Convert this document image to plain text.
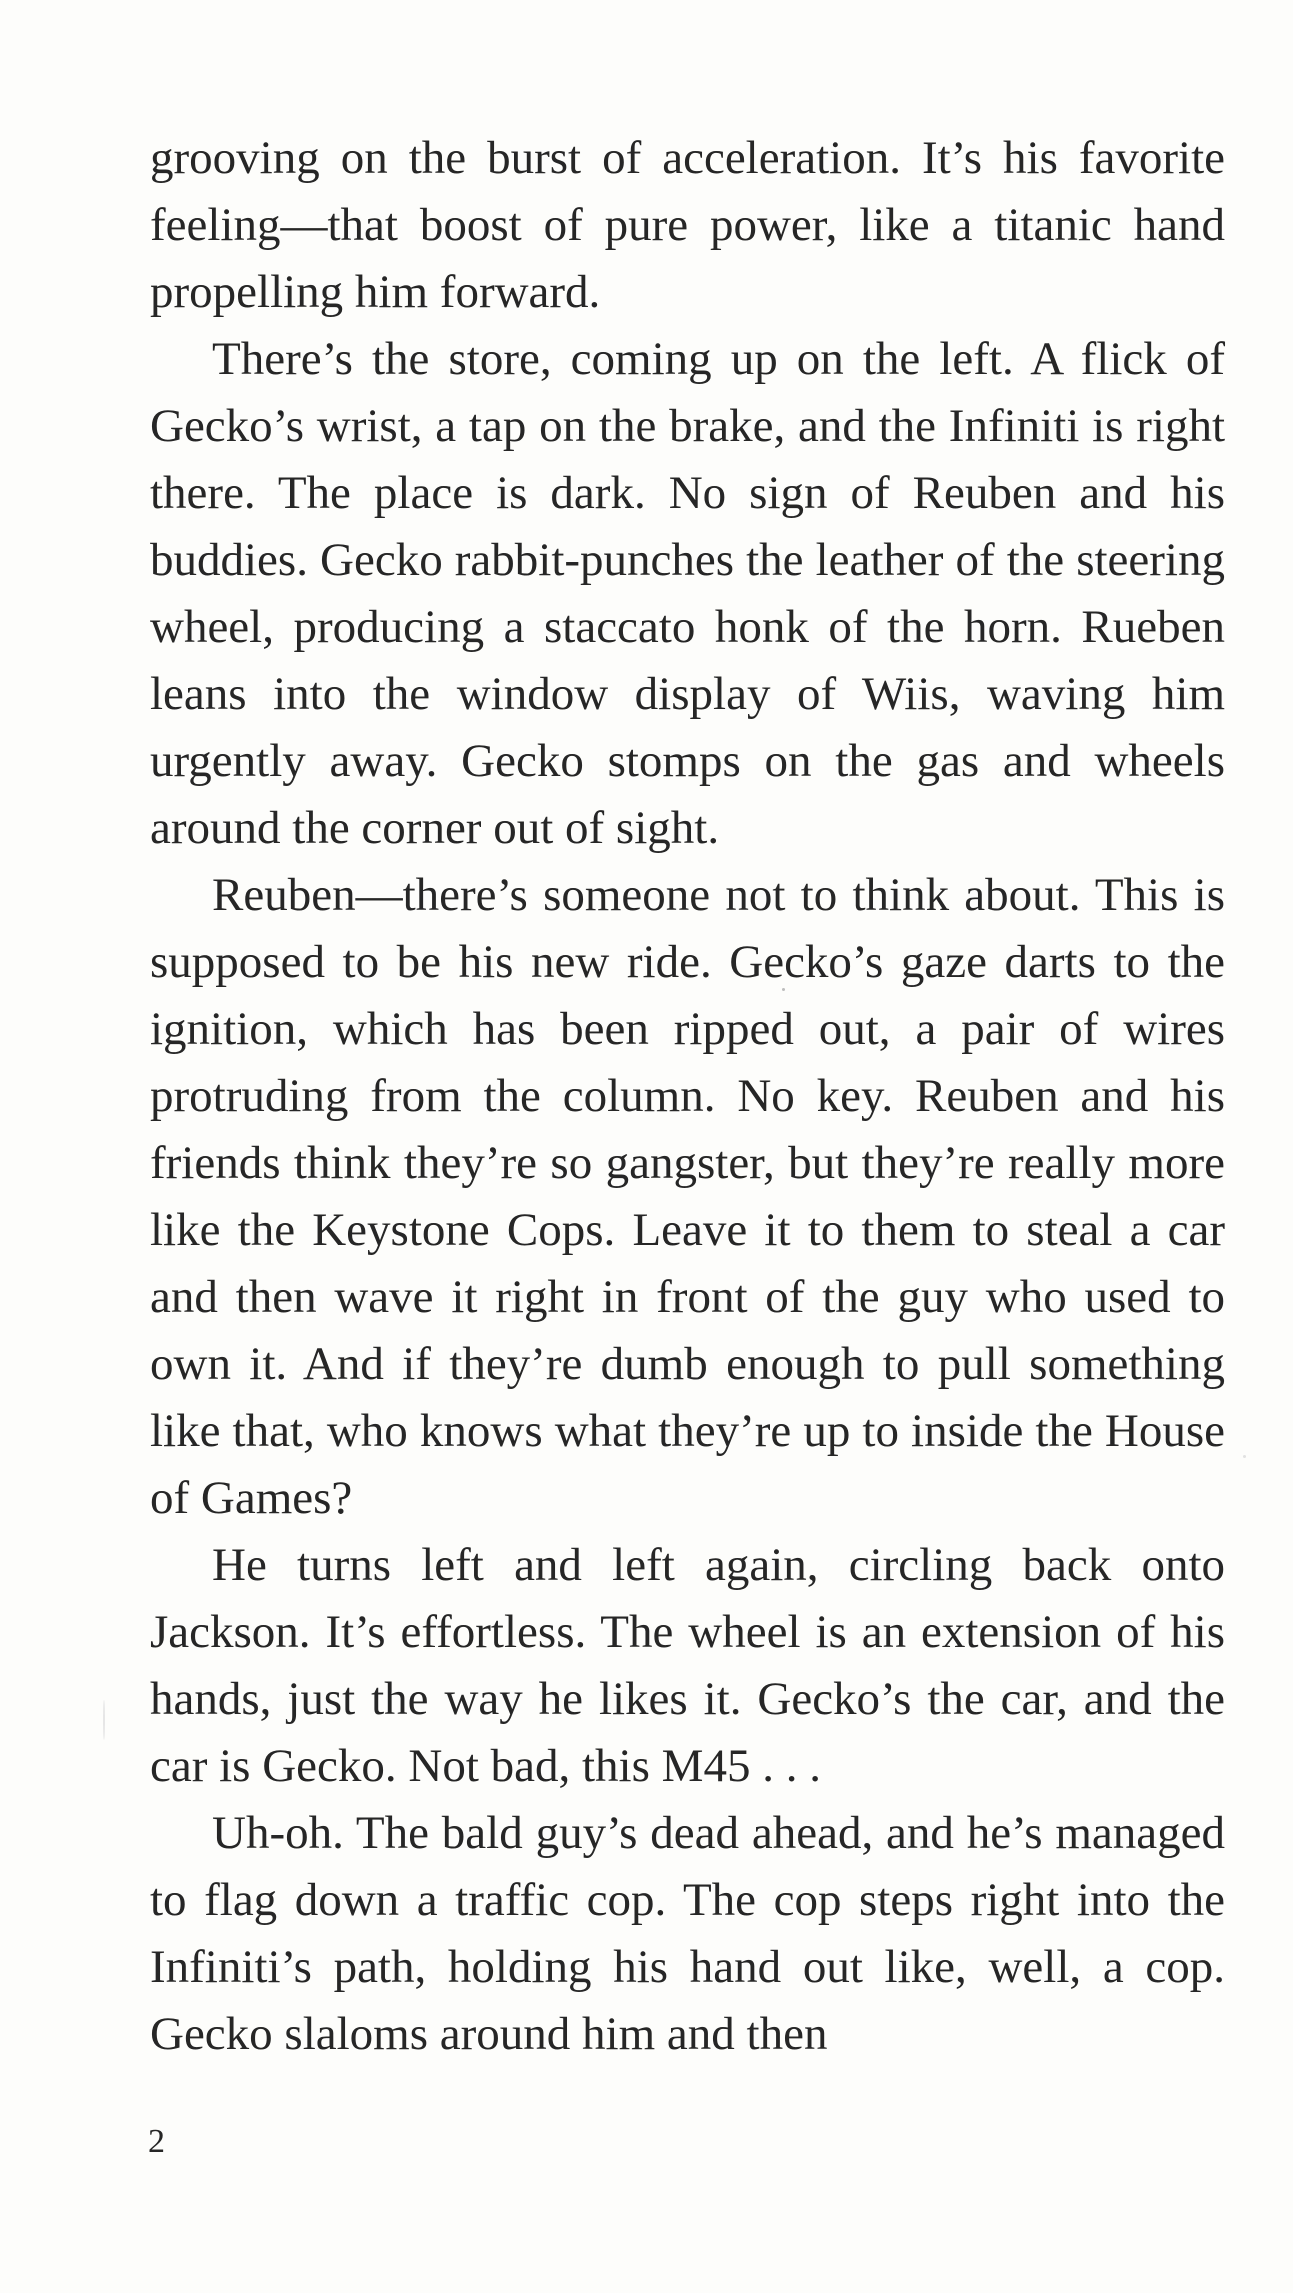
grooving on the burst of acceleration. It’s his favorite feeling—that boost of pure power, like a titanic hand propelling him forward.

There’s the store, coming up on the left. A flick of Gecko’s wrist, a tap on the brake, and the Infiniti is right there. The place is dark. No sign of Reuben and his buddies. Gecko rabbit-punches the leather of the steering wheel, producing a staccato honk of the horn. Rueben leans into the window display of Wiis, waving him urgently away. Gecko stomps on the gas and wheels around the corner out of sight.

Reuben—there’s someone not to think about. This is supposed to be his new ride. Gecko’s gaze darts to the ignition, which has been ripped out, a pair of wires protruding from the column. No key. Reuben and his friends think they’re so gangster, but they’re really more like the Keystone Cops. Leave it to them to steal a car and then wave it right in front of the guy who used to own it. And if they’re dumb enough to pull something like that, who knows what they’re up to inside the House of Games?

He turns left and left again, circling back onto Jackson. It’s effortless. The wheel is an extension of his hands, just the way he likes it. Gecko’s the car, and the car is Gecko. Not bad, this M45 . . .

Uh-oh. The bald guy’s dead ahead, and he’s managed to flag down a traffic cop. The cop steps right into the Infiniti’s path, holding his hand out like, well, a cop. Gecko slaloms around him and then

2
